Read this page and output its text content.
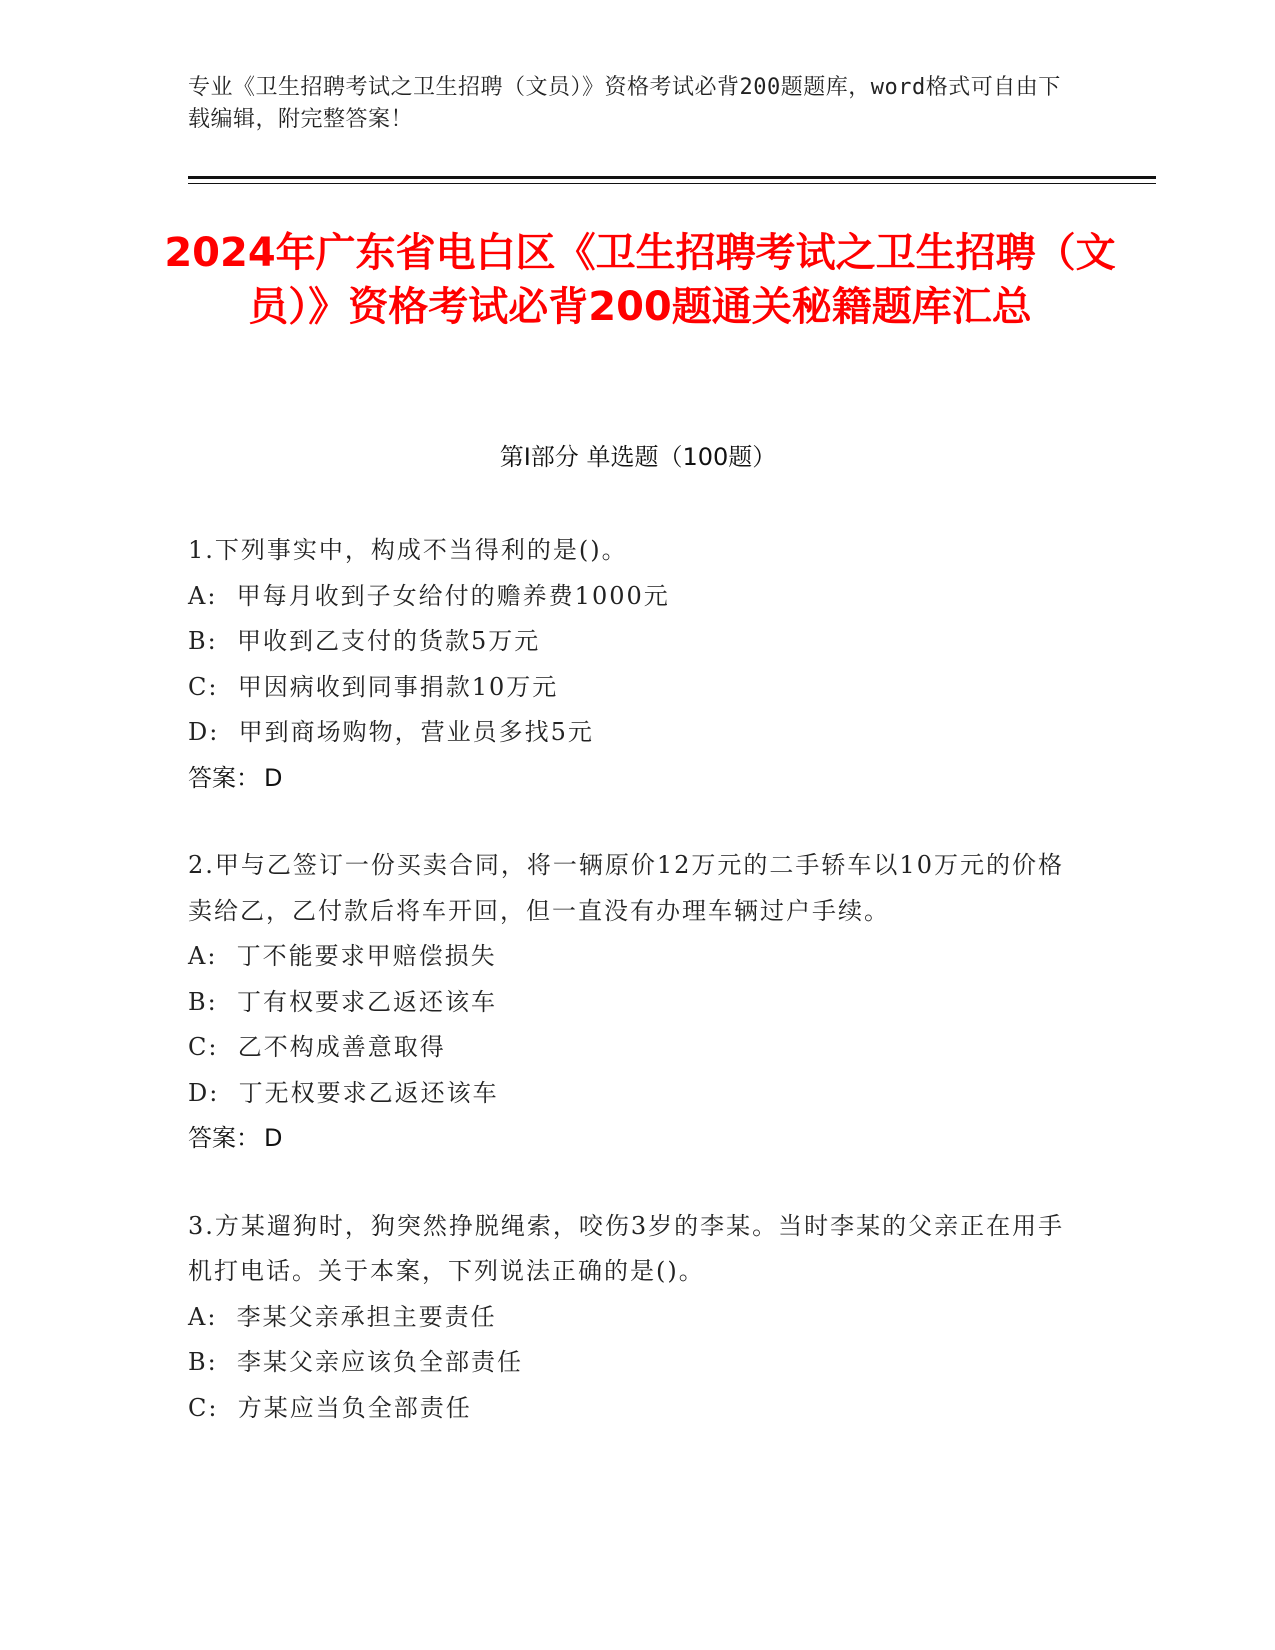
专业《卫生招聘考试之卫生招聘（文员）》资格考试必背200题题库，word格式可自由下载编辑，附完整答案！
2024年广东省电白区《卫生招聘考试之卫生招聘（文员）》资格考试必背200题通关秘籍题库汇总
第I部分 单选题（100题）
1.下列事实中，构成不当得利的是()。
A:  甲每月收到子女给付的赡养费1000元
B:  甲收到乙支付的货款5万元
C:  甲因病收到同事捐款10万元
D:  甲到商场购物，营业员多找5元
答案： D
2.甲与乙签订一份买卖合同，将一辆原价12万元的二手轿车以10万元的价格卖给乙，乙付款后将车开回，但一直没有办理车辆过户手续。
A:  丁不能要求甲赔偿损失
B:  丁有权要求乙返还该车
C:  乙不构成善意取得
D:  丁无权要求乙返还该车
答案： D
3.方某遛狗时，狗突然挣脱绳索，咬伤3岁的李某。当时李某的父亲正在用手机打电话。关于本案，下列说法正确的是()。
A:  李某父亲承担主要责任
B:  李某父亲应该负全部责任
C:  方某应当负全部责任
